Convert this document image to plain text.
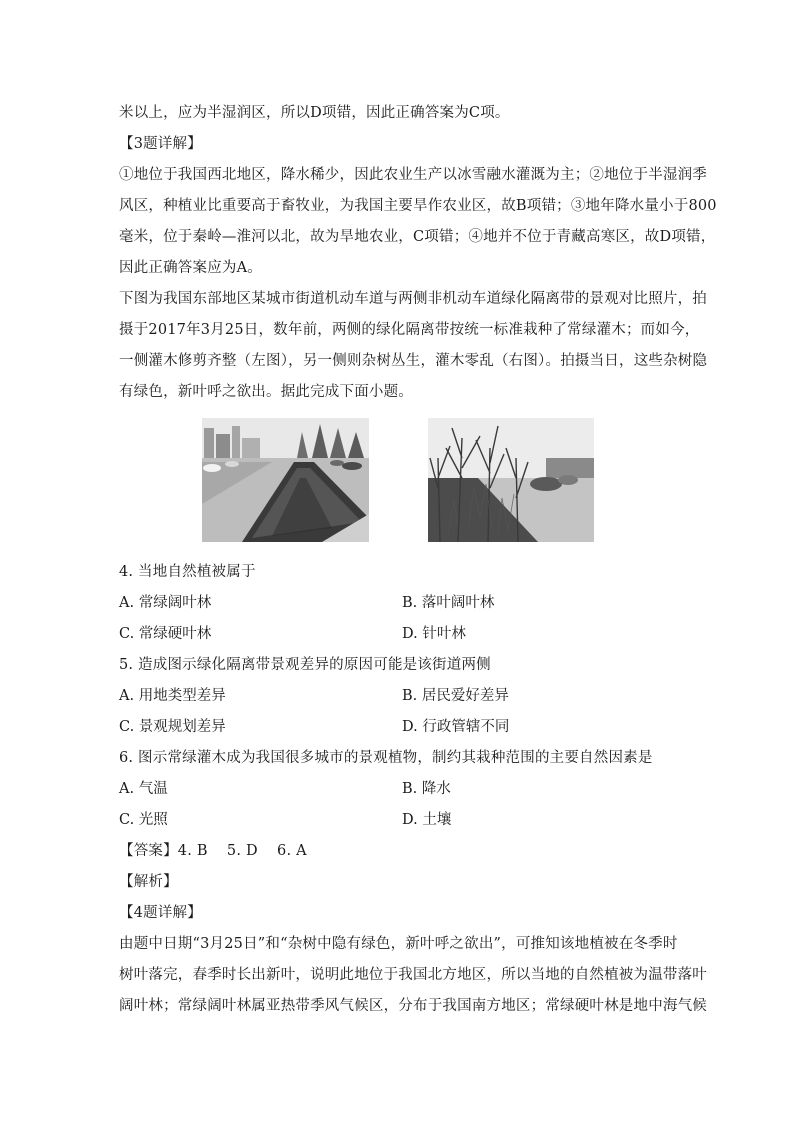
米以上，应为半湿润区，所以D项错，因此正确答案为C项。
【3题详解】
①地位于我国西北地区，降水稀少，因此农业生产以冰雪融水灌溉为主；②地位于半湿润季
风区，种植业比重要高于畜牧业，为我国主要旱作农业区，故B项错；③地年降水量小于800
毫米，位于秦岭—淮河以北，故为旱地农业，C项错；④地并不位于青藏高寒区，故D项错，
因此正确答案应为A。
下图为我国东部地区某城市街道机动车道与两侧非机动车道绿化隔离带的景观对比照片，拍
摄于2017年3月25日，数年前，两侧的绿化隔离带按统一标准栽种了常绿灌木；而如今，
一侧灌木修剪齐整（左图），另一侧则杂树丛生，灌木零乱（右图）。拍摄当日，这些杂树隐
有绿色，新叶呼之欲出。据此完成下面小题。
4. 当地自然植被属于
A. 常绿阔叶林	B. 落叶阔叶林
C. 常绿硬叶林	D. 针叶林
5. 造成图示绿化隔离带景观差异的原因可能是该街道两侧
A. 用地类型差异	B. 居民爱好差异
C. 景观规划差异	D. 行政管辖不同
6. 图示常绿灌木成为我国很多城市的景观植物，制约其栽种范围的主要自然因素是
A. 气温	B. 降水
C. 光照	D. 土壤
【答案】4. B    5. D    6. A
【解析】
【4题详解】
由题中日期“3月25日”和“杂树中隐有绿色，新叶呼之欲出”，可推知该地植被在冬季时
树叶落完，春季时长出新叶，说明此地位于我国北方地区，所以当地的自然植被为温带落叶
阔叶林；常绿阔叶林属亚热带季风气候区，分布于我国南方地区；常绿硬叶林是地中海气候
